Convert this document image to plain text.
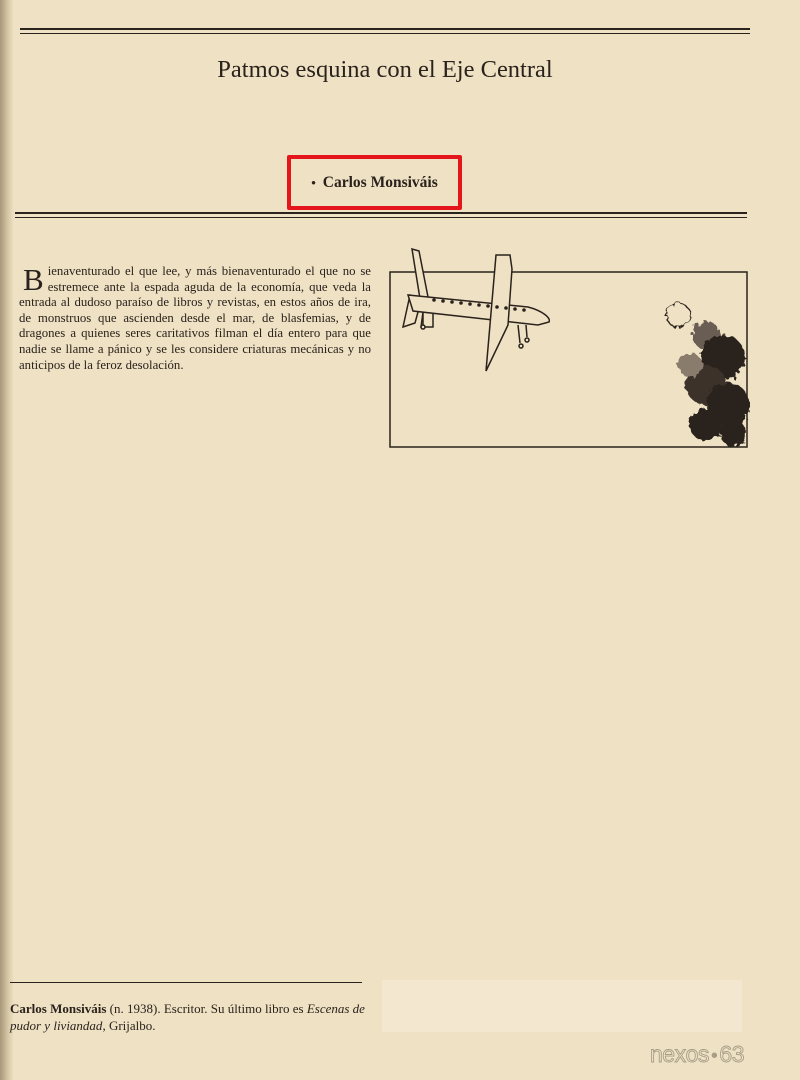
Patmos esquina con el Eje Central
• Carlos Monsiváis

Bienaventurado el que lee, y más bienaventurado el que no se estremece ante la espada aguda de la economía, que veda la entrada al dudoso paraíso de libros y revistas, en estos años de ira, de monstruos que ascienden desde el mar, de blasfemias, y de dragones a quienes seres caritativos filman el día entero para que nadie se llame a pánico y se les considere criaturas mecánicas y no anticipos de la feroz desolación.

Carlos Monsiváis (n. 1938). Escritor. Su último libro es Escenas de pudor y liviandad, Grijalbo.

nexos •63
